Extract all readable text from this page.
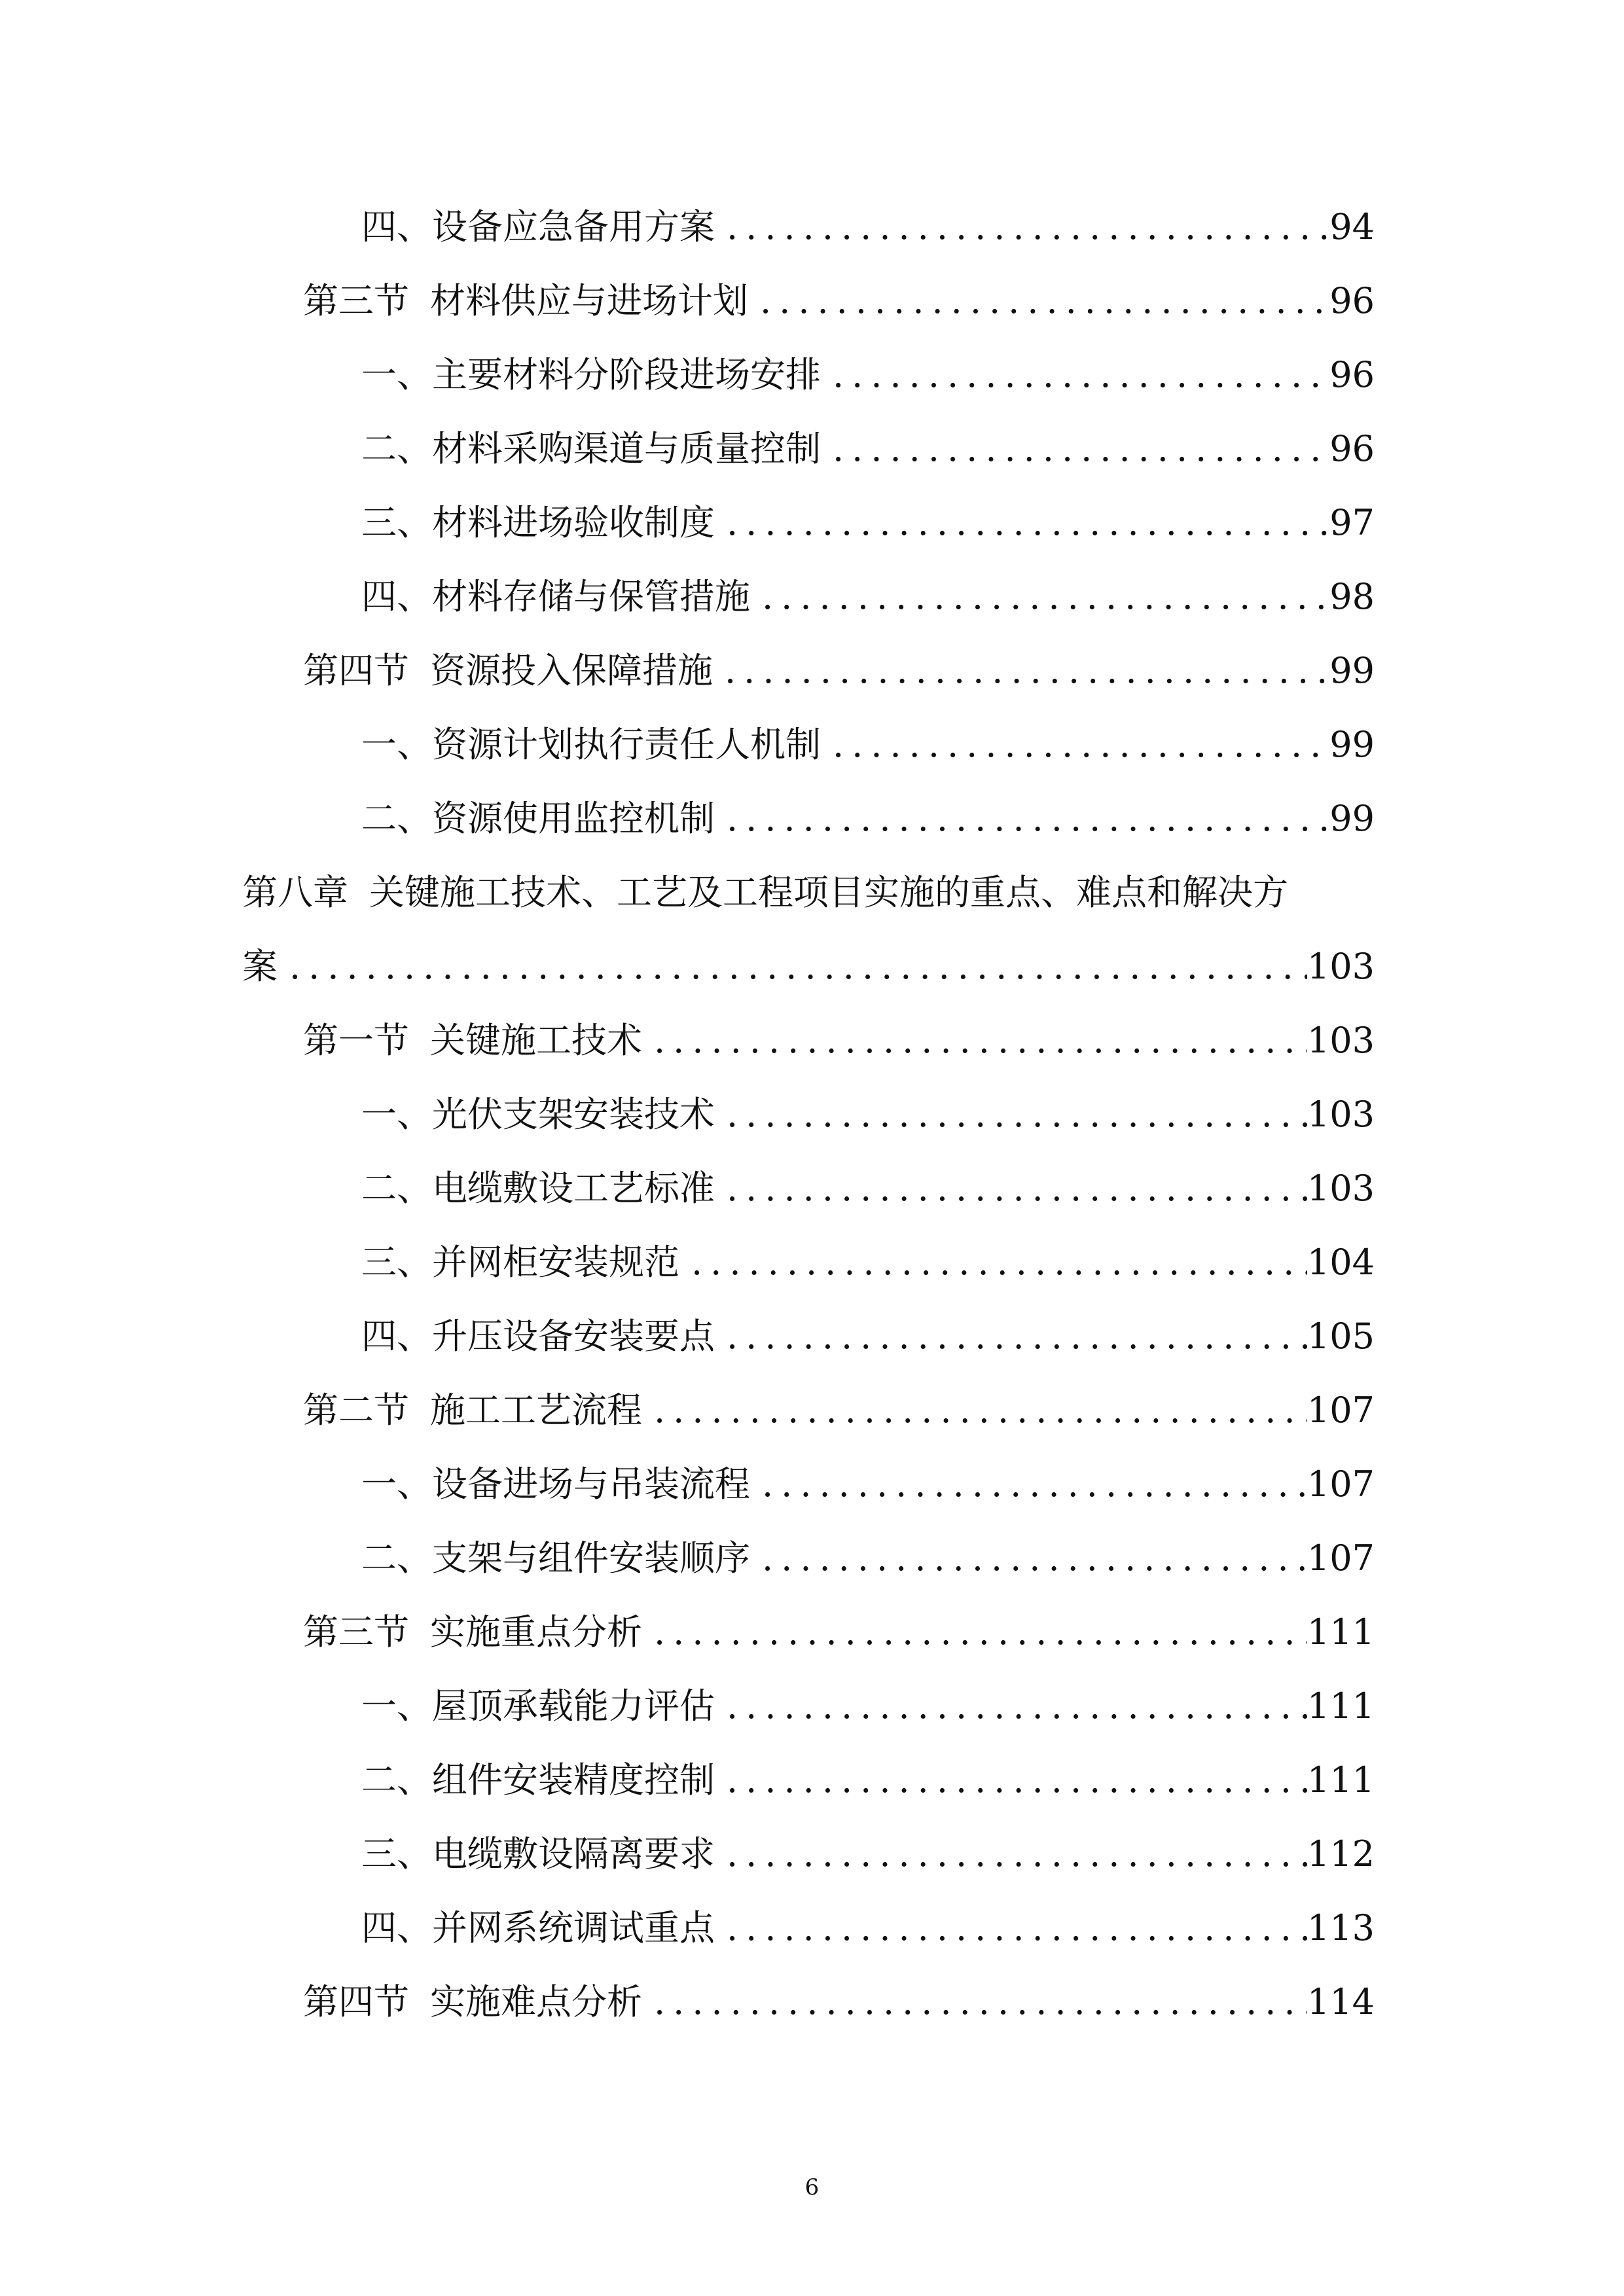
四、设备应急备用方案 .....	94
第三节 材料供应与进场计划 .....	96
一、主要材料分阶段进场安排 .....	96
二、材料采购渠道与质量控制 .....	96
三、材料进场验收制度 .....	97
四、材料存储与保管措施 .....	98
第四节 资源投入保障措施 .....	99
一、资源计划执行责任人机制 .....	99
二、资源使用监控机制 .....	99
第八章 关键施工技术、工艺及工程项目实施的重点、难点和解决方
案 .....	103
第一节 关键施工技术 .....	103
一、光伏支架安装技术 .....	103
二、电缆敷设工艺标准 .....	103
三、并网柜安装规范 .....	104
四、升压设备安装要点 .....	105
第二节 施工工艺流程 .....	107
一、设备进场与吊装流程 .....	107
二、支架与组件安装顺序 .....	107
第三节 实施重点分析 .....	111
一、屋顶承载能力评估 .....	111
二、组件安装精度控制 .....	111
三、电缆敷设隔离要求 .....	112
四、并网系统调试重点 .....	113
第四节 实施难点分析 .....	114
6
